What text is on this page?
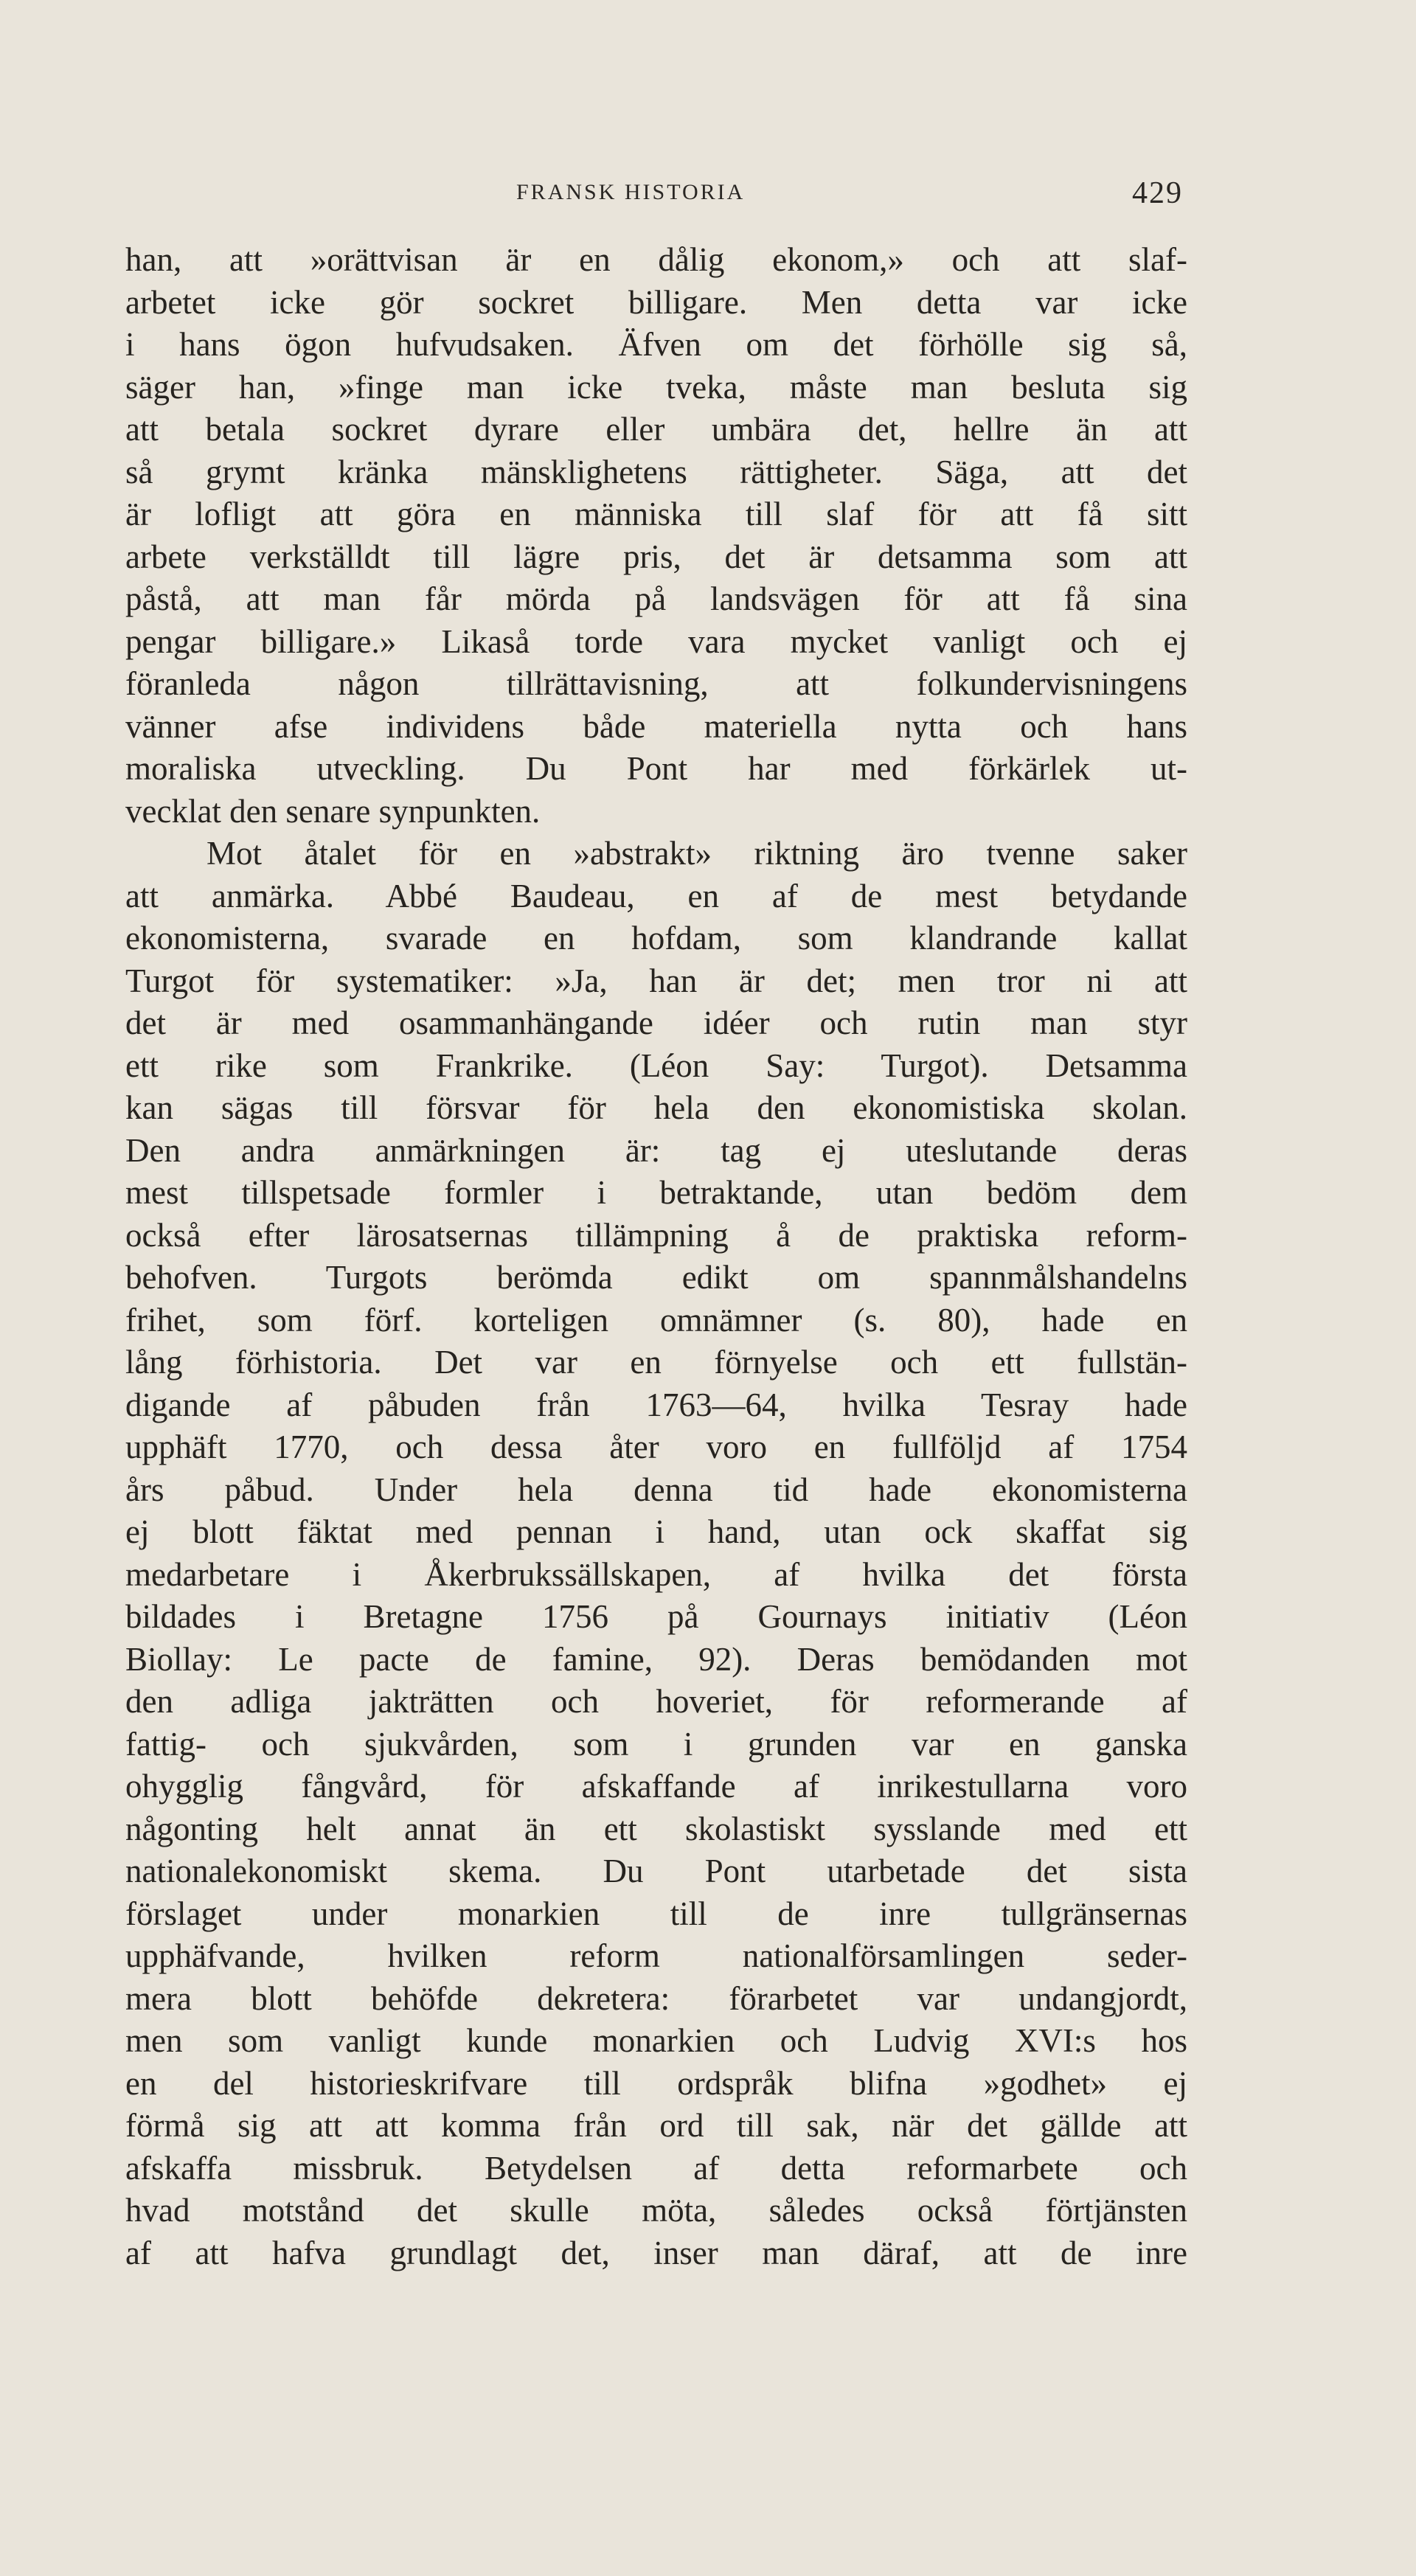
FRANSK HISTORIA	429
han, att »orättvisan är en dålig ekonom,» och att slaf-
arbetet icke gör sockret billigare. Men detta var icke
i hans ögon hufvudsaken. Äfven om det förhölle sig så,
säger han, »finge man icke tveka, måste man besluta sig
att betala sockret dyrare eller umbära det, hellre än att
så grymt kränka mänsklighetens rättigheter. Säga, att det
är lofligt att göra en människa till slaf för att få sitt
arbete verkställdt till lägre pris, det är detsamma som att
påstå, att man får mörda på landsvägen för att få sina
pengar billigare.» Likaså torde vara mycket vanligt och ej
föranleda någon tillrättavisning, att folkundervisningens
vänner afse individens både materiella nytta och hans
moraliska utveckling. Du Pont har med förkärlek ut-
vecklat den senare synpunkten.
Mot åtalet för en »abstrakt» riktning äro tvenne saker
att anmärka. Abbé Baudeau, en af de mest betydande
ekonomisterna, svarade en hofdam, som klandrande kallat
Turgot för systematiker: »Ja, han är det; men tror ni att
det är med osammanhängande idéer och rutin man styr
ett rike som Frankrike. (Léon Say: Turgot). Detsamma
kan sägas till försvar för hela den ekonomistiska skolan.
Den andra anmärkningen är: tag ej uteslutande deras
mest tillspetsade formler i betraktande, utan bedöm dem
också efter lärosatsernas tillämpning å de praktiska reform-
behofven. Turgots berömda edikt om spannmålshandelns
frihet, som förf. korteligen omnämner (s. 80), hade en
lång förhistoria. Det var en förnyelse och ett fullstän-
digande af påbuden från 1763—64, hvilka Tesray hade
upphäft 1770, och dessa åter voro en fullföljd af 1754
års påbud. Under hela denna tid hade ekonomisterna
ej blott fäktat med pennan i hand, utan ock skaffat sig
medarbetare i Åkerbrukssällskapen, af hvilka det första
bildades i Bretagne 1756 på Gournays initiativ (Léon
Biollay: Le pacte de famine, 92). Deras bemödanden mot
den adliga jakträtten och hoveriet, för reformerande af
fattig- och sjukvården, som i grunden var en ganska
ohygglig fångvård, för afskaffande af inrikestullarna voro
någonting helt annat än ett skolastiskt sysslande med ett
nationalekonomiskt skema. Du Pont utarbetade det sista
förslaget under monarkien till de inre tullgränsernas
upphäfvande, hvilken reform nationalförsamlingen seder-
mera blott behöfde dekretera: förarbetet var undangjordt,
men som vanligt kunde monarkien och Ludvig XVI:s hos
en del historieskrifvare till ordspråk blifna »godhet» ej
förmå sig att att komma från ord till sak, när det gällde att
afskaffa missbruk. Betydelsen af detta reformarbete och
hvad motstånd det skulle möta, således också förtjänsten
af att hafva grundlagt det, inser man däraf, att de inre
